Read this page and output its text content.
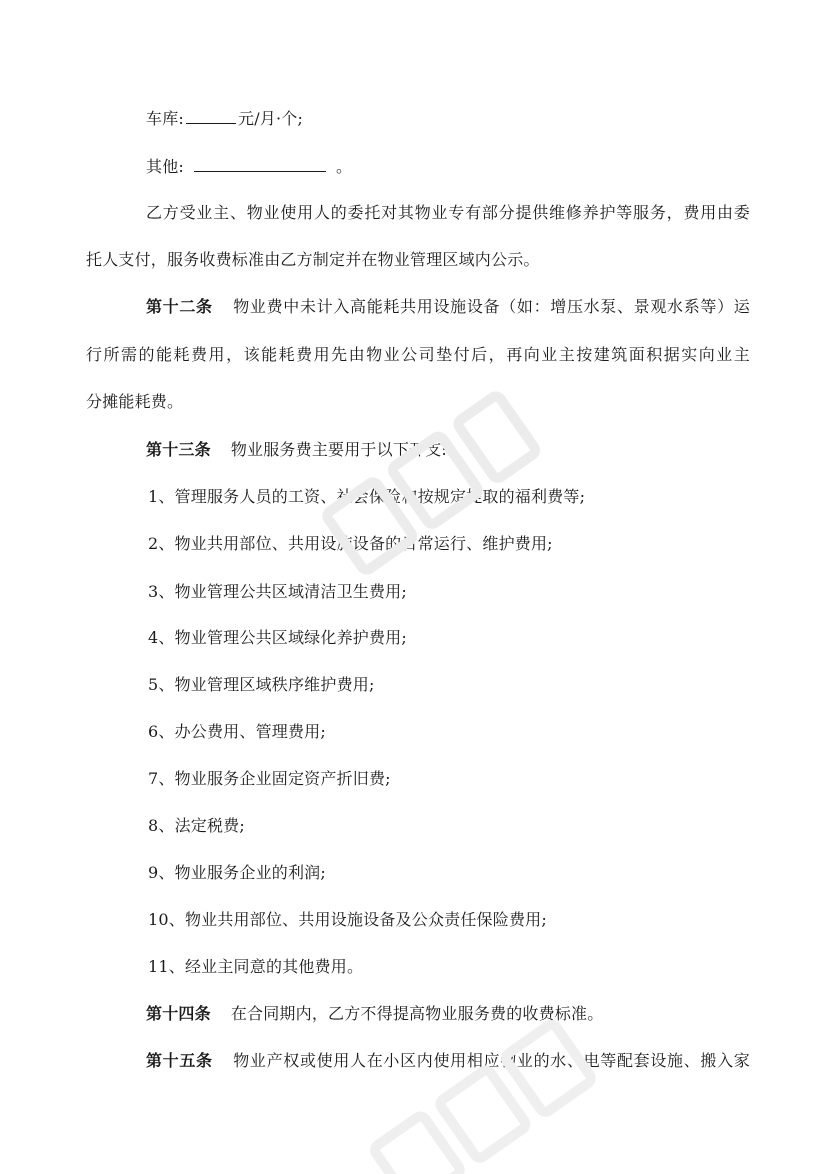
车库:	元/月·个;
其他:	。
乙方受业主、物业使用人的委托对其物业专有部分提供维修养护等服务，费用由委
托人支付，服务收费标准由乙方制定并在物业管理区域内公示。
第十二条 物业费中未计入高能耗共用设施设备（如：增压水泵、景观水系等）运
行所需的能耗费用，该能耗费用先由物业公司垫付后，再向业主按建筑面积据实向业主
分摊能耗费。
第十三条 物业服务费主要用于以下开支:
1、管理服务人员的工资、社会保险和按规定提取的福利费等;
2、物业共用部位、共用设施设备的日常运行、维护费用;
3、物业管理公共区域清洁卫生费用;
4、物业管理公共区域绿化养护费用;
5、物业管理区域秩序维护费用;
6、办公费用、管理费用;
7、物业服务企业固定资产折旧费;
8、法定税费;
9、物业服务企业的利润;
10、物业共用部位、共用设施设备及公众责任保险费用;
11、经业主同意的其他费用。
第十四条 在合同期内，乙方不得提高物业服务费的收费标准。
第十五条 物业产权或使用人在小区内使用相应物业的水、电等配套设施、搬入家
